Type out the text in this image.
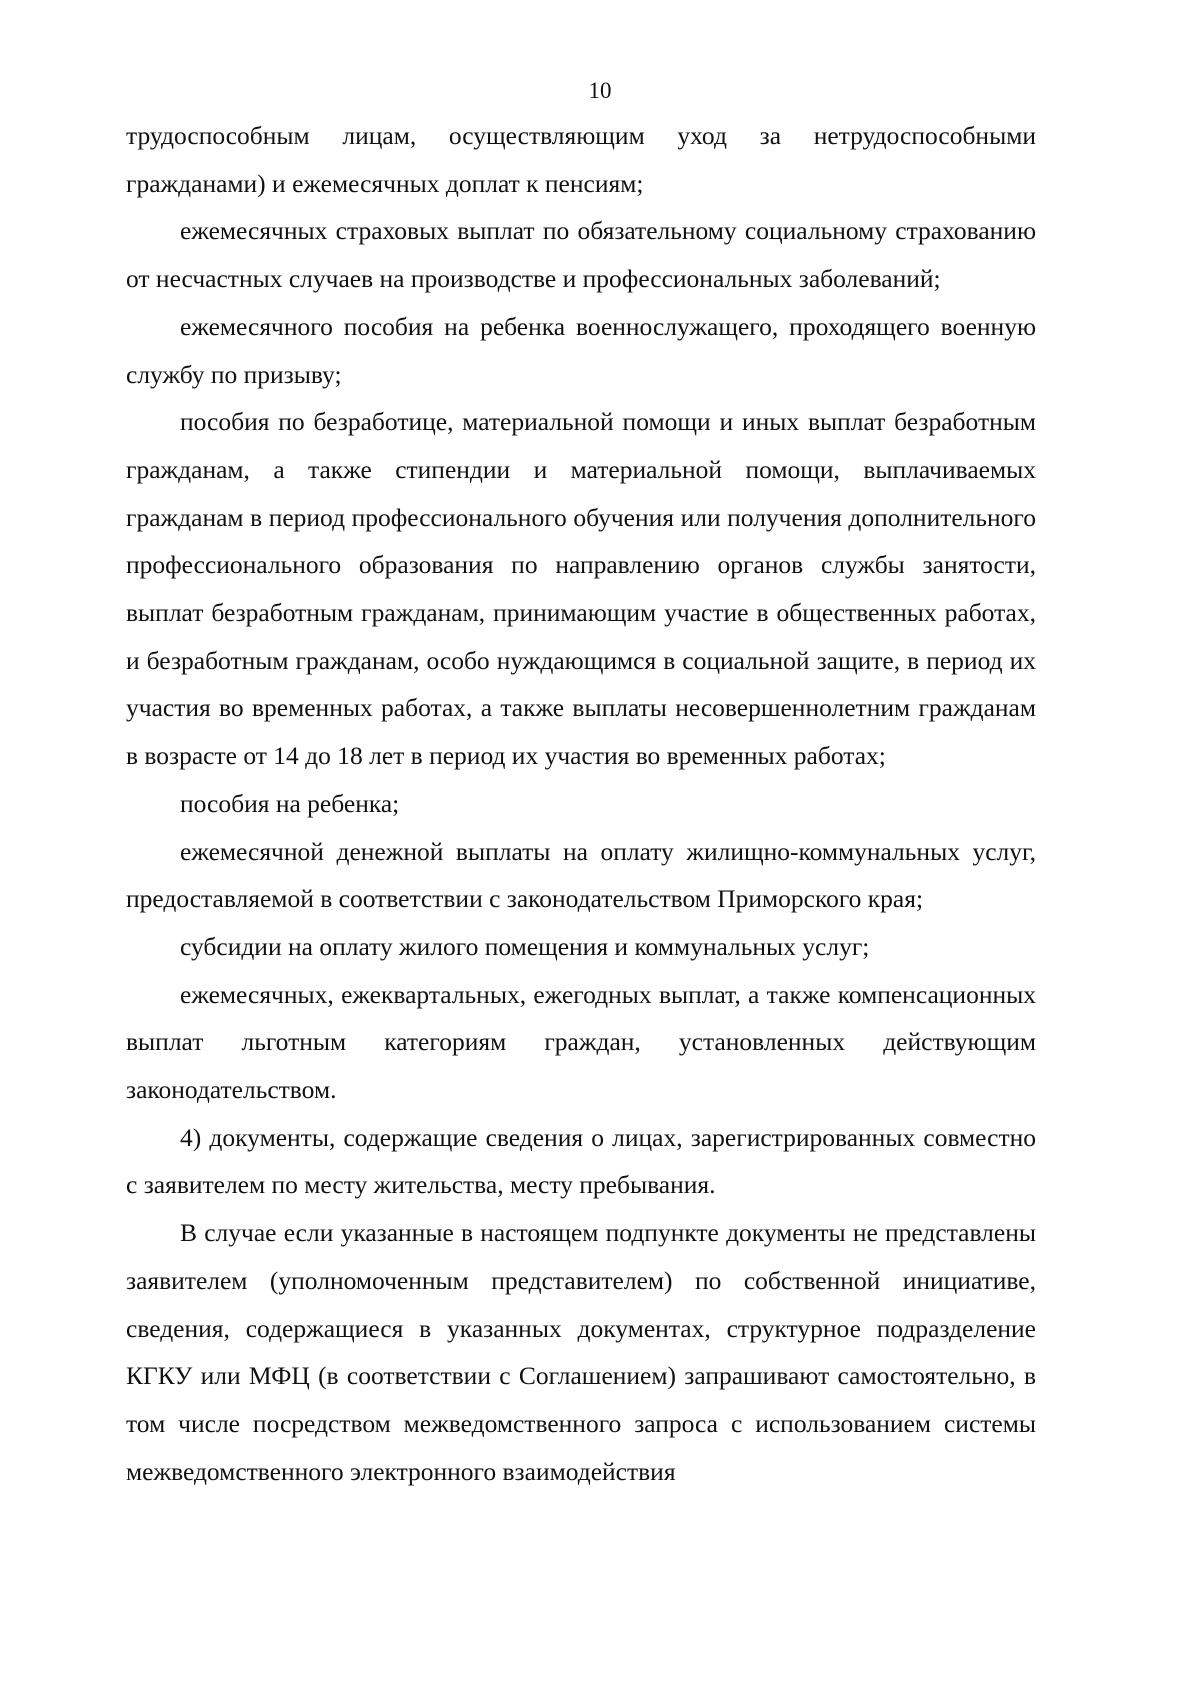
10

трудоспособным лицам, осуществляющим уход за нетрудоспособными гражданами) и ежемесячных доплат к пенсиям;

ежемесячных страховых выплат по обязательному социальному страхованию от несчастных случаев на производстве и профессиональных заболеваний;

ежемесячного пособия на ребенка военнослужащего, проходящего военную службу по призыву;

пособия по безработице, материальной помощи и иных выплат безработным гражданам, а также стипендии и материальной помощи, выплачиваемых гражданам в период профессионального обучения или получения дополнительного профессионального образования по направлению органов службы занятости, выплат безработным гражданам, принимающим участие в общественных работах, и безработным гражданам, особо нуждающимся в социальной защите, в период их участия во временных работах, а также выплаты несовершеннолетним гражданам в возрасте от 14 до 18 лет в период их участия во временных работах;

пособия на ребенка;

ежемесячной денежной выплаты на оплату жилищно-коммунальных услуг, предоставляемой в соответствии с законодательством Приморского края;

субсидии на оплату жилого помещения и коммунальных услуг;

ежемесячных, ежеквартальных, ежегодных выплат, а также компенсационных выплат льготным категориям граждан, установленных действующим законодательством.

4) документы, содержащие сведения о лицах, зарегистрированных совместно с заявителем по месту жительства, месту пребывания.

В случае если указанные в настоящем подпункте документы не представлены заявителем (уполномоченным представителем) по собственной инициативе, сведения, содержащиеся в указанных документах, структурное подразделение КГКУ или МФЦ (в соответствии с Соглашением) запрашивают самостоятельно, в том числе посредством межведомственного запроса с использованием системы межведомственного электронного взаимодействия
